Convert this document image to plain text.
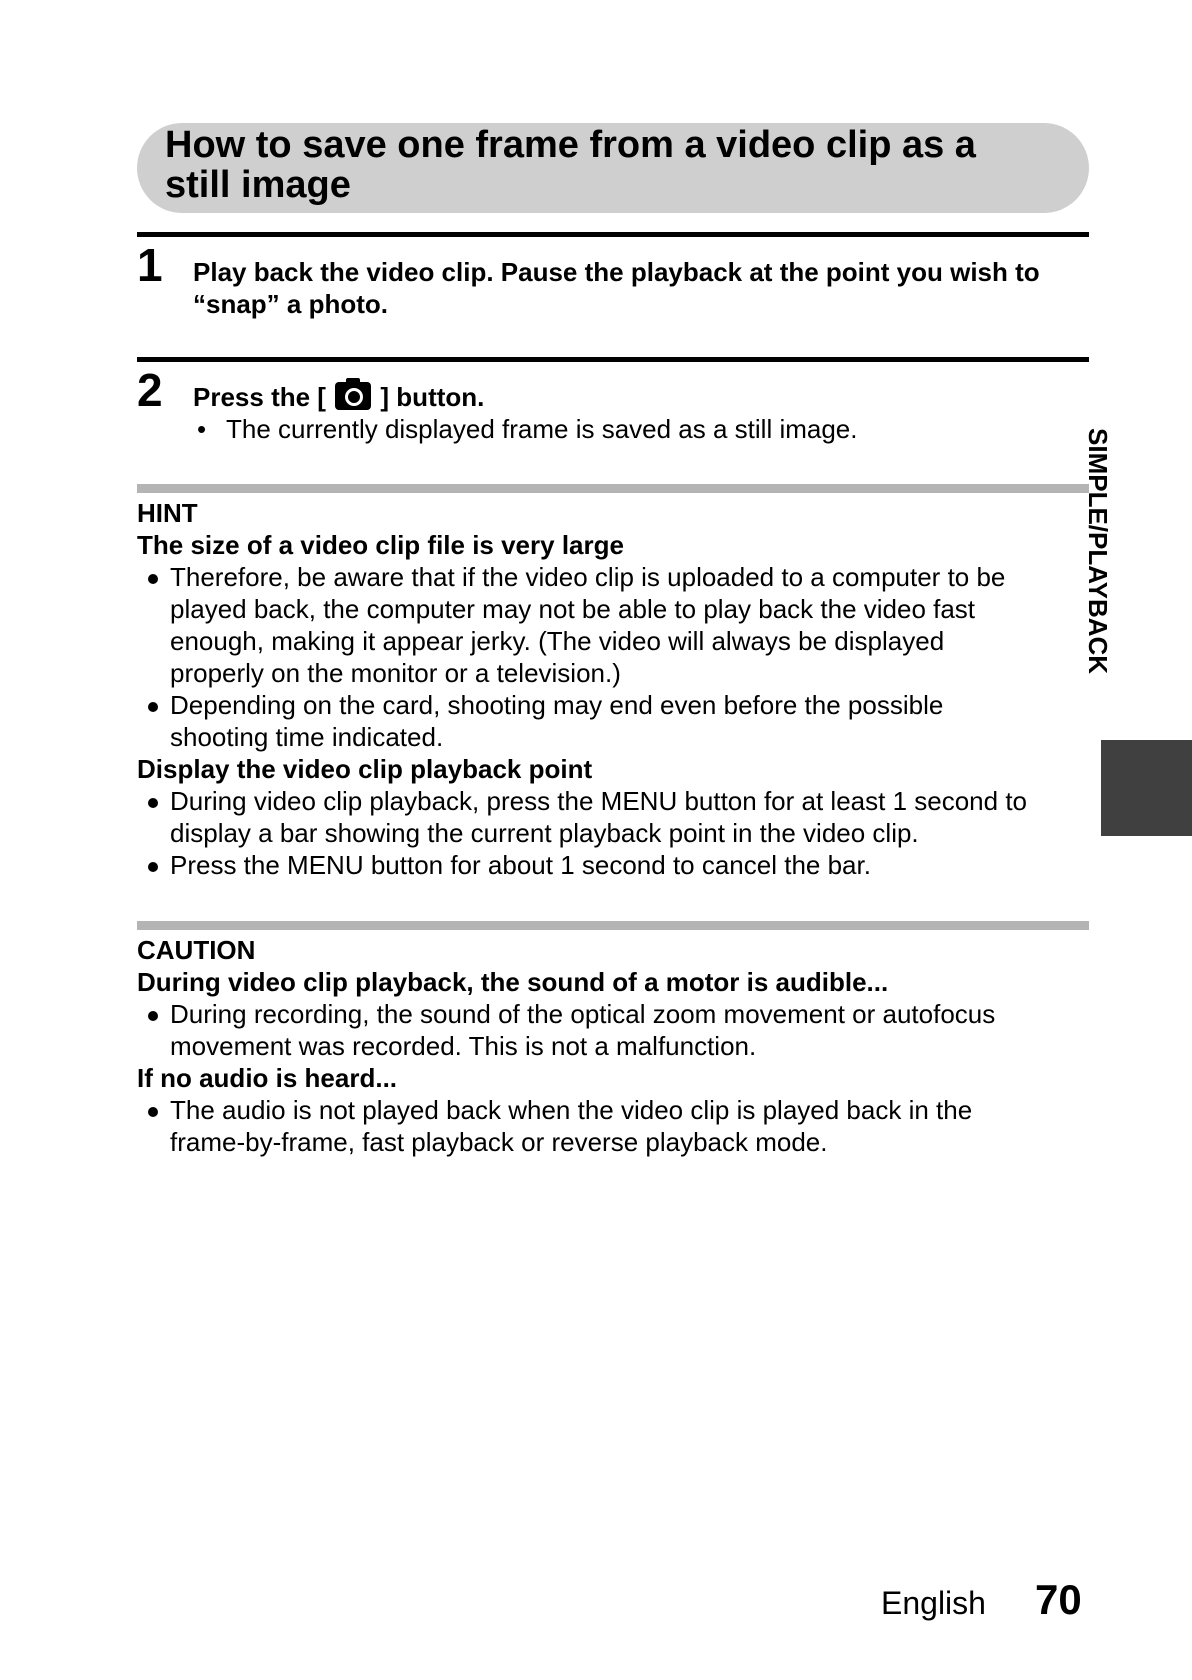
How to save one frame from a video clip as a
still image
1 Play back the video clip. Pause the playback at the point you wish to
“snap” a photo.
2 Press the [ ] button.
• The currently displayed frame is saved as a still image.
HINT
The size of a video clip file is very large
Therefore, be aware that if the video clip is uploaded to a computer to be
played back, the computer may not be able to play back the video fast
enough, making it appear jerky. (The video will always be displayed
properly on the monitor or a television.)
Depending on the card, shooting may end even before the possible
shooting time indicated.
Display the video clip playback point
During video clip playback, press the MENU button for at least 1 second to
display a bar showing the current playback point in the video clip.
Press the MENU button for about 1 second to cancel the bar.
CAUTION
During video clip playback, the sound of a motor is audible...
During recording, the sound of the optical zoom movement or autofocus
movement was recorded. This is not a malfunction.
If no audio is heard...
The audio is not played back when the video clip is played back in the
frame-by-frame, fast playback or reverse playback mode.
SIMPLE/PLAYBACK
English 70
